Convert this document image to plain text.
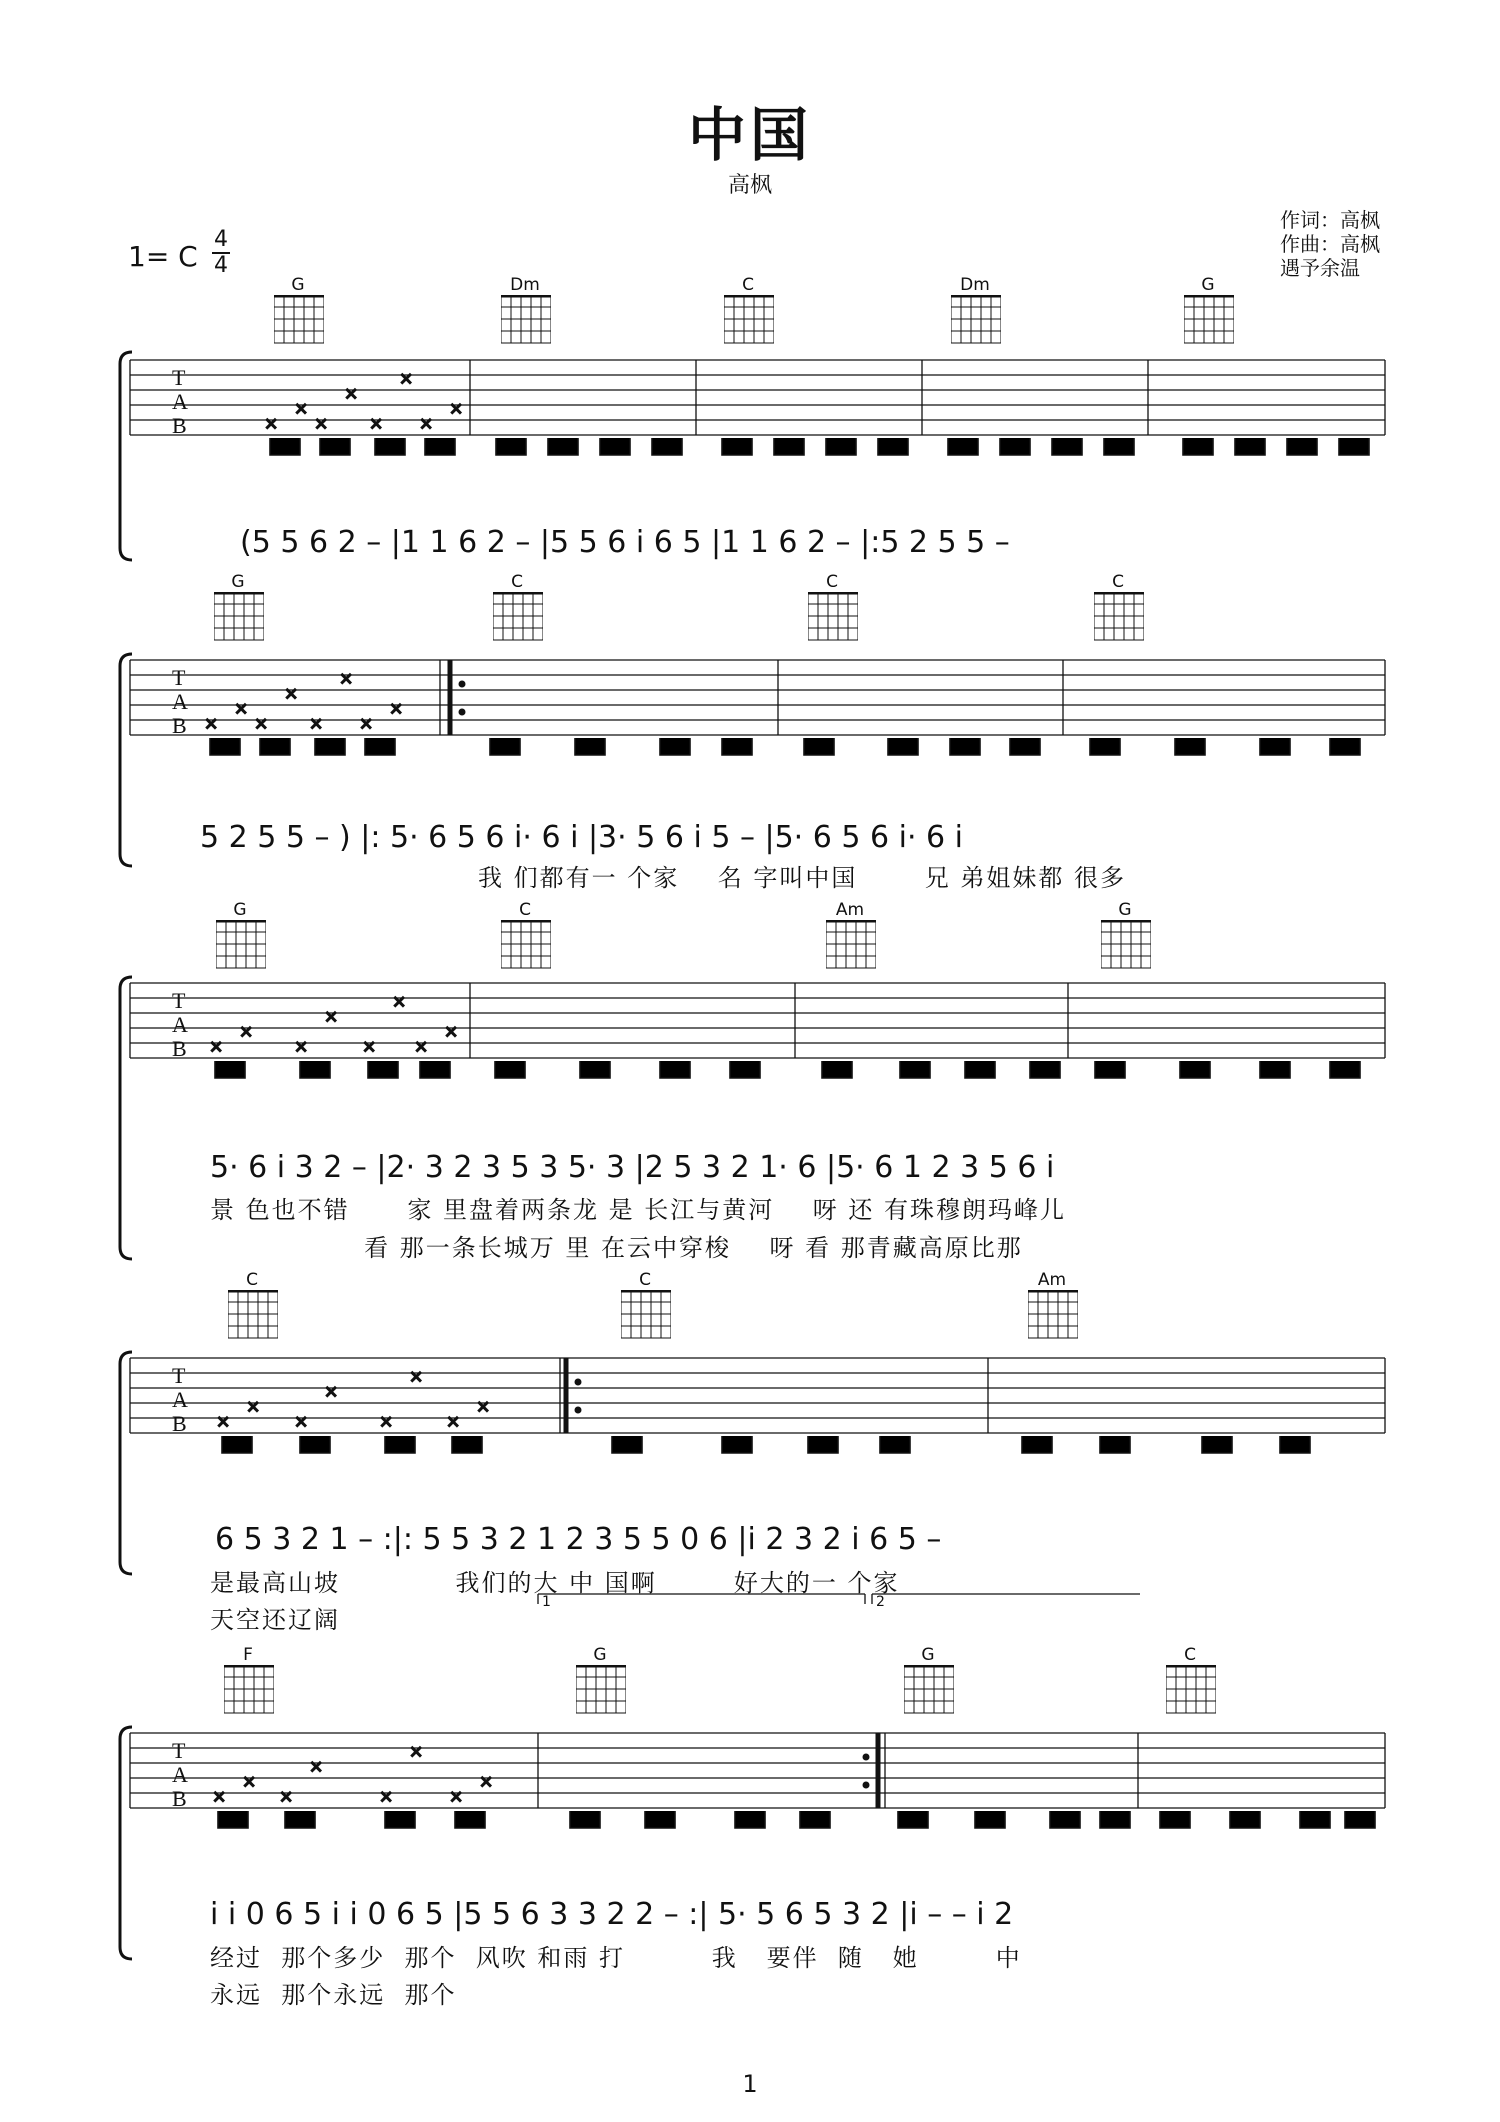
中国
高枫
作词：高枫
作曲：高枫
遇予余温
1= C
4
4
G	Dm	C	Dm	G
×
×
×
×
×
×
×
×
T
A
B
(5 5 6 2 – |1 1 6 2 – |5 5 6 i 6 5 |1 1 6 2 – |:5 2 5 5 –
G	C	C	C
×
×
×
×
×
×
×
×
T
A
B
5 2 5 5 – ) |: 5· 6 5 6 i· 6 i |3· 5 6 i 5 – |5· 6 5 6 i· 6 i
我 们都有一 个家    名 字叫中国       兄 弟姐妹都 很多
G	C	Am	G
×
×
×
×
×
×
×
×
T
A
B
5· 6 i 3 2 – |2· 3 2 3 5 3 5· 3 |2 5 3 2 1· 6 |5· 6 1 2 3 5 6 i
景 色也不错      家 里盘着两条龙 是 长江与黄河    呀 还 有珠穆朗玛峰儿
看 那一条长城万 里 在云中穿梭    呀 看 那青藏高原比那
C	C	Am
×
×
×
×
×
×
×
×
1	2
T
A
B
6 5 3 2 1 – :|: 5 5 3 2 1 2 3 5 5 0 6 |i 2 3 2 i 6 5 –
是最高山坡            我们的大 中 国啊        好大的一 个家
天空还辽阔
F	G	G	C
×
×
×
×
×
×
×
×
T
A
B
i i 0 6 5 i i 0 6 5 |5 5 6 3 3 2 2 – :| 5· 5 6 5 3 2 |i – – i 2
经过  那个多少  那个  风吹 和雨 打         我   要伴  随   她        中
永远  那个永远  那个
1
